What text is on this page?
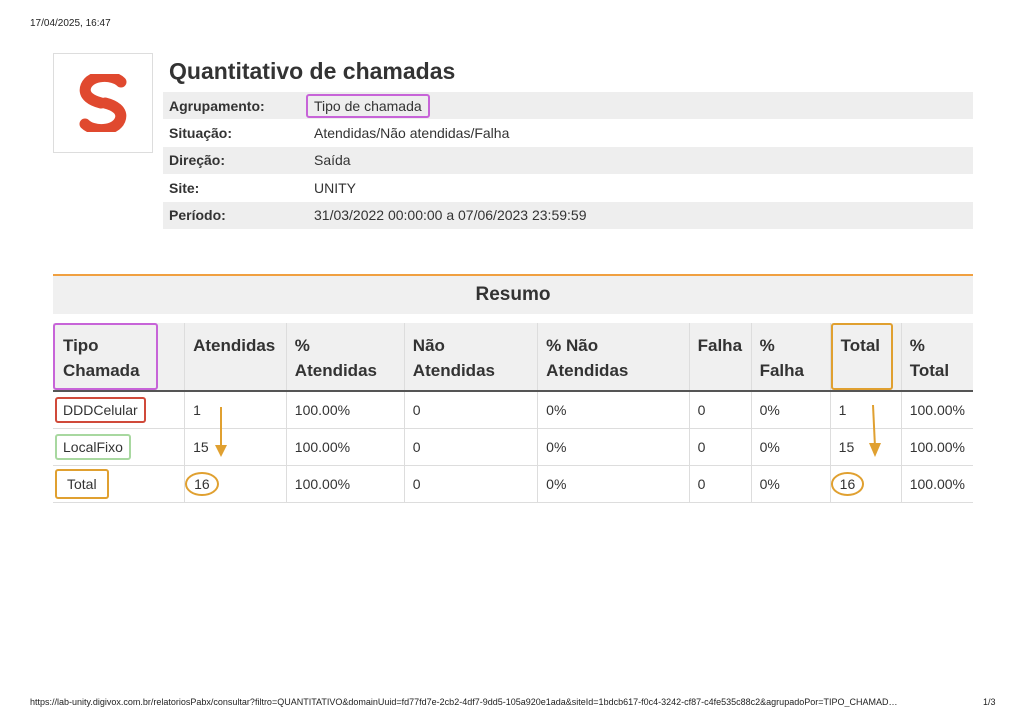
17/04/2025, 16:47
Quantitativo de chamadas
Agrupamento:	Tipo de chamada
Situação:	Atendidas/Não atendidas/Falha
Direção:	Saída
Site:	UNITY
Período:	31/03/2022 00:00:00 a 07/06/2023 23:59:59
Resumo
Tipo Chamada	Atendidas	% Atendidas	Não Atendidas	% Não Atendidas	Falha	% Falha	Total	% Total
DDDCelular	1	100.00%	0	0%	0	0%	1	100.00%
LocalFixo	15	100.00%	0	0%	0	0%	15	100.00%
Total	16	100.00%	0	0%	0	0%	16	100.00%
https://lab-unity.digivox.com.br/relatoriosPabx/consultar?filtro=QUANTITATIVO&domainUuid=fd77fd7e-2cb2-4df7-9dd5-105a920e1ada&siteId=1bdcb617-f0c4-3242-cf87-c4fe535c88c2&agrupadoPor=TIPO_CHAMAD…	1/3
